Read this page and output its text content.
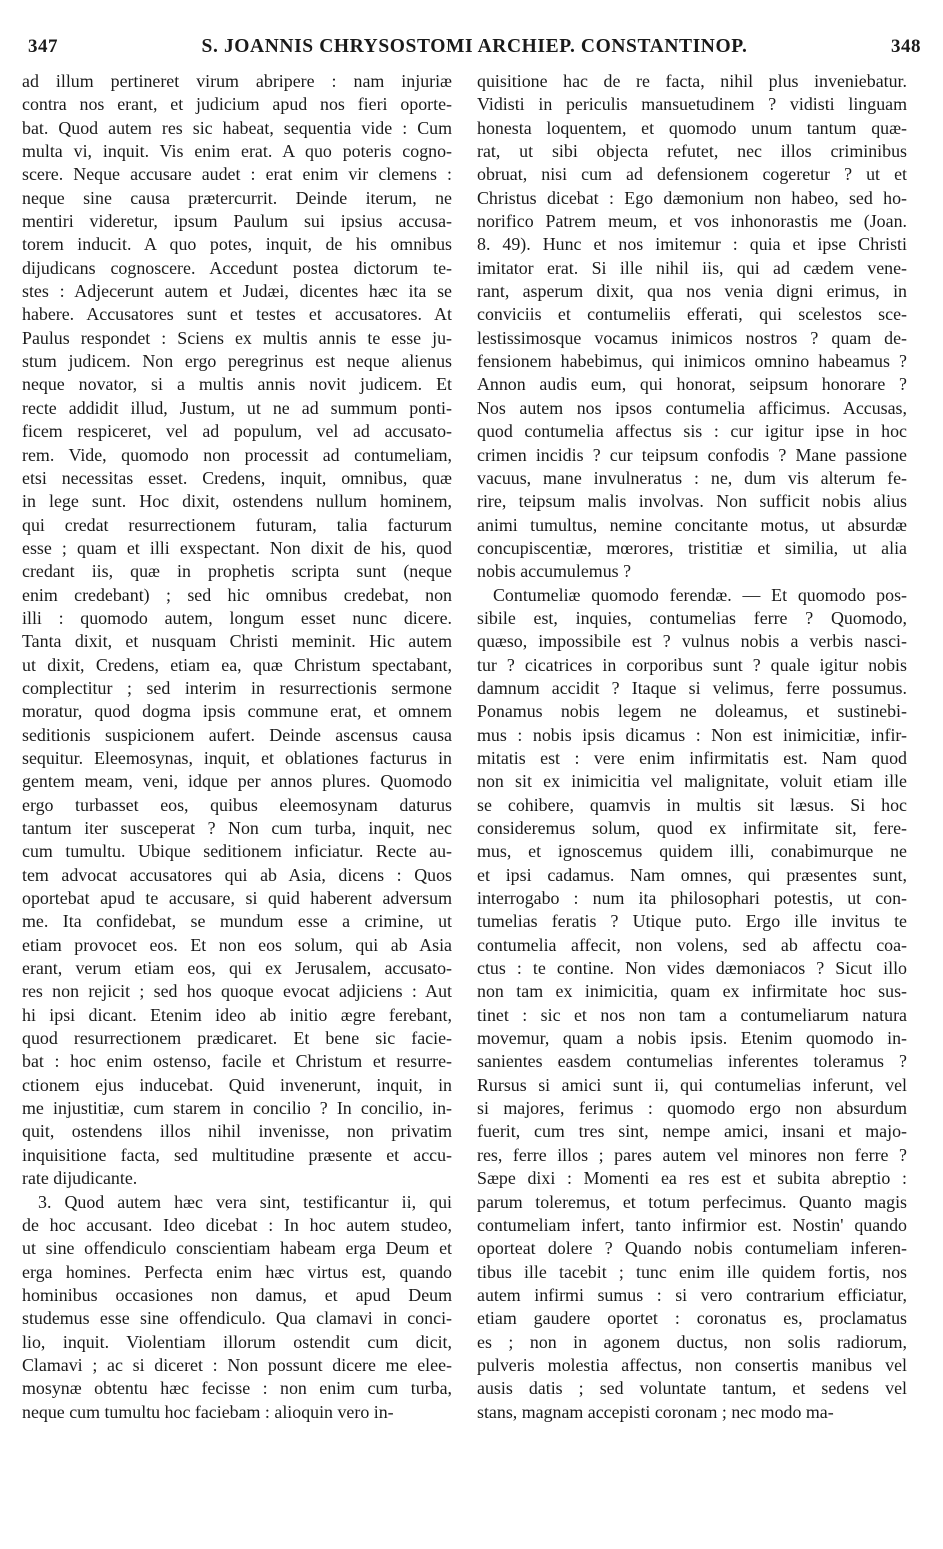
347	S. JOANNIS CHRYSOSTOMI ARCHIEP. CONSTANTINOP.	348
ad illum pertineret virum abripere : nam injuriæ
contra nos erant, et judicium apud nos fieri oporte-
bat. Quod autem res sic habeat, sequentia vide : Cum
multa vi, inquit. Vis enim erat. A quo poteris cogno-
scere. Neque accusare audet : erat enim vir clemens :
neque sine causa prætercurrit. Deinde iterum, ne
mentiri videretur, ipsum Paulum sui ipsius accusa-
torem inducit. A quo potes, inquit, de his omnibus
dijudicans cognoscere. Accedunt postea dictorum te-
stes : Adjecerunt autem et Judæi, dicentes hæc ita se
habere. Accusatores sunt et testes et accusatores. At
Paulus respondet : Sciens ex multis annis te esse ju-
stum judicem. Non ergo peregrinus est neque alienus
neque novator, si a multis annis novit judicem. Et
recte addidit illud, Justum, ut ne ad summum ponti-
ficem respiceret, vel ad populum, vel ad accusato-
rem. Vide, quomodo non processit ad contumeliam,
etsi necessitas esset. Credens, inquit, omnibus, quæ
in lege sunt. Hoc dixit, ostendens nullum hominem,
qui credat resurrectionem futuram, talia facturum
esse ; quam et illi exspectant. Non dixit de his, quod
credant iis, quæ in prophetis scripta sunt (neque
enim credebant) ; sed hic omnibus credebat, non
illi : quomodo autem, longum esset nunc dicere.
Tanta dixit, et nusquam Christi meminit. Hic autem
ut dixit, Credens, etiam ea, quæ Christum spectabant,
complectitur ; sed interim in resurrectionis sermone
moratur, quod dogma ipsis commune erat, et omnem
seditionis suspicionem aufert. Deinde ascensus causa
sequitur. Eleemosynas, inquit, et oblationes facturus in
gentem meam, veni, idque per annos plures. Quomodo
ergo turbasset eos, quibus eleemosynam daturus
tantum iter susceperat ? Non cum turba, inquit, nec
cum tumultu. Ubique seditionem inficiatur. Recte au-
tem advocat accusatores qui ab Asia, dicens : Quos
oportebat apud te accusare, si quid haberent adversum
me. Ita confidebat, se mundum esse a crimine, ut
etiam provocet eos. Et non eos solum, qui ab Asia
erant, verum etiam eos, qui ex Jerusalem, accusato-
res non rejicit ; sed hos quoque evocat adjiciens : Aut
hi ipsi dicant. Etenim ideo ab initio ægre ferebant,
quod resurrectionem prædicaret. Et bene sic facie-
bat : hoc enim ostenso, facile et Christum et resurre-
ctionem ejus inducebat. Quid invenerunt, inquit, in
me injustitiæ, cum starem in concilio ? In concilio, in-
quit, ostendens illos nihil invenisse, non privatim
inquisitione facta, sed multitudine præsente et accu-
rate dijudicante.
3. Quod autem hæc vera sint, testificantur ii, qui
de hoc accusant. Ideo dicebat : In hoc autem studeo,
ut sine offendiculo conscientiam habeam erga Deum et
erga homines. Perfecta enim hæc virtus est, quando
hominibus occasiones non damus, et apud Deum
studemus esse sine offendiculo. Qua clamavi in conci-
lio, inquit. Violentiam illorum ostendit cum dicit,
Clamavi ; ac si diceret : Non possunt dicere me elee-
mosynæ obtentu hæc fecisse : non enim cum turba,
neque cum tumultu hoc faciebam : alioquin vero in-
quisitione hac de re facta, nihil plus inveniebatur.
Vidisti in periculis mansuetudinem ? vidisti linguam
honesta loquentem, et quomodo unum tantum quæ-
rat, ut sibi objecta refutet, nec illos criminibus
obruat, nisi cum ad defensionem cogeretur ? ut et
Christus dicebat : Ego dæmonium non habeo, sed ho-
norifico Patrem meum, et vos inhonorastis me (Joan.
8. 49). Hunc et nos imitemur : quia et ipse Christi
imitator erat. Si ille nihil iis, qui ad cædem vene-
rant, asperum dixit, qua nos venia digni erimus, in
conviciis et contumeliis efferati, qui scelestos sce-
lestissimosque vocamus inimicos nostros ? quam de-
fensionem habebimus, qui inimicos omnino habeamus ?
Annon audis eum, qui honorat, seipsum honorare ?
Nos autem nos ipsos contumelia afficimus. Accusas,
quod contumelia affectus sis : cur igitur ipse in hoc
crimen incidis ? cur teipsum confodis ? Mane passione
vacuus, mane invulneratus : ne, dum vis alterum fe-
rire, teipsum malis involvas. Non sufficit nobis alius
animi tumultus, nemine concitante motus, ut absurdæ
concupiscentiæ, mœrores, tristitiæ et similia, ut alia
nobis accumulemus ?
Contumeliæ quomodo ferendæ. — Et quomodo pos-
sibile est, inquies, contumelias ferre ? Quomodo,
quæso, impossibile est ? vulnus nobis a verbis nasci-
tur ? cicatrices in corporibus sunt ? quale igitur nobis
damnum accidit ? Itaque si velimus, ferre possumus.
Ponamus nobis legem ne doleamus, et sustinebi-
mus : nobis ipsis dicamus : Non est inimicitiæ, infir-
mitatis est : vere enim infirmitatis est. Nam quod
non sit ex inimicitia vel malignitate, voluit etiam ille
se cohibere, quamvis in multis sit læsus. Si hoc
consideremus solum, quod ex infirmitate sit, fere-
mus, et ignoscemus quidem illi, conabimurque ne
et ipsi cadamus. Nam omnes, qui præsentes sunt,
interrogabo : num ita philosophari potestis, ut con-
tumelias feratis ? Utique puto. Ergo ille invitus te
contumelia affecit, non volens, sed ab affectu coa-
ctus : te contine. Non vides dæmoniacos ? Sicut illo
non tam ex inimicitia, quam ex infirmitate hoc sus-
tinet : sic et nos non tam a contumeliarum natura
movemur, quam a nobis ipsis. Etenim quomodo in-
sanientes easdem contumelias inferentes toleramus ?
Rursus si amici sunt ii, qui contumelias inferunt, vel
si majores, ferimus : quomodo ergo non absurdum
fuerit, cum tres sint, nempe amici, insani et majo-
res, ferre illos ; pares autem vel minores non ferre ?
Sæpe dixi : Momenti ea res est et subita abreptio :
parum toleremus, et totum perfecimus. Quanto magis
contumeliam infert, tanto infirmior est. Nostin' quando
oporteat dolere ? Quando nobis contumeliam inferen-
tibus ille tacebit ; tunc enim ille quidem fortis, nos
autem infirmi sumus : si vero contrarium efficiatur,
etiam gaudere oportet : coronatus es, proclamatus
es ; non in agonem ductus, non solis radiorum,
pulveris molestia affectus, non consertis manibus vel
ausis datis ; sed voluntate tantum, et sedens vel
stans, magnam accepisti coronam ; nec modo ma-
